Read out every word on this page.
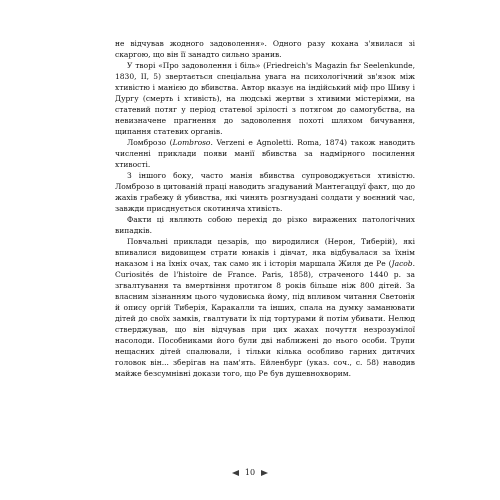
не відчував жодного задоволення». Одного разу кохана з'явилася зі скаргою, що він її занадто сильно зранив.

У творі «Про задоволення і біль» (Friedreich's Magazin fьr Seelenkunde, 1830, II, 5) звертається спеціальна увага на психологічний зв'язок між хтивістю і манією до вбивства. Автор вказує на індійський міф про Шиву і Дургу (смерть і хтивість), на людські жертви з хтивими містеріями, на статевий потяг у період статевої зрілості з потягом до самогубства, на невизначене прагнення до задоволення похоті шляхом бичування, щипання статевих органів.

Ломброзо (Lombroso. Verzeni e Agnoletti. Roma, 1874) також наводить численні приклади появи манії вбивства за надмірного посилення хтивості.

З іншого боку, часто манія вбивства супроводжується хтивістю. Ломброзо в цитованій праці наводить згадуваний Мантегацдуї факт, що до жахів грабежу й убивства, які чинять розгнуздані солдати у воєнний час, завжди присднується скотиняча хтивість.

Факти ці являють собою перехід до різко виражених патологічних випадків.

Повчальні приклади цезарів, що виродилися (Нерон, Тиберій), які впивалися видовищем страти юнаків і дівчат, яка відбувалася за їхнім наказом і на їхніх очах, так само як і історія маршала Жиля де Ре (Jacob. Curiosités de l'histoire de France. Paris, 1858), страченого 1440 р. за згвалтування та вмертвіння протягом 8 років більше ніж 800 дітей. За власним зізнанням цього чудовиська йому, під впливом читання Светонія й опису оргій Тиберія, Каракалли та інших, спала на думку заманювати дітей до своїх замків, гвалтувати їх під тортурами й потім убивати. Нелюд стверджував, що він відчував при цих жахах почуття незрозумілої насолоди. Пособниками його були дві наближені до нього особи. Трупи нещасних дітей спалювали, і тільки кілька особливо гарних дитячих головок він... зберігав на пам'ять. Ейленбург (указ. соч., с. 58) наводив майже безсумнівні докази того, що Ре був душевнохворим.

10
